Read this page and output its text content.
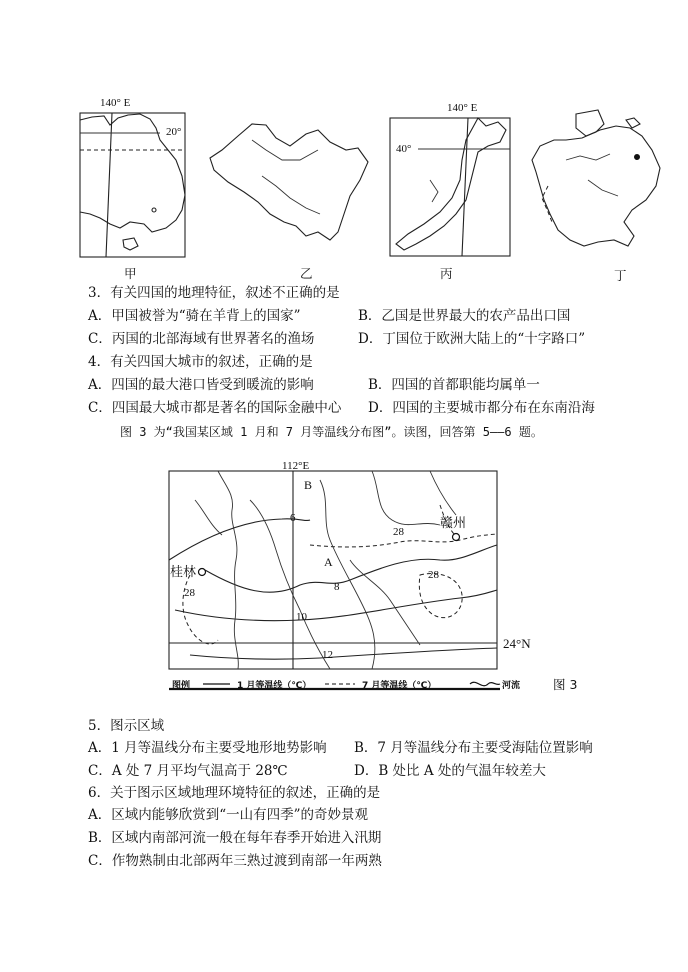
140° E
20°
甲	乙
140° E
40°
丙	丁
3．有关四国的地理特征，叙述不正确的是
A．甲国被誉为“骑在羊背上的国家”	B．乙国是世界最大的农产品出口国
C．丙国的北部海域有世界著名的渔场	D．丁国位于欧洲大陆上的“十字路口”
4．有关四国大城市的叙述，正确的是
A．四国的最大港口皆受到暖流的影响	B．四国的首都职能均属单一
C．四国最大城市都是著名的国际金融中心 D．四国的主要城市都分布在东南沿海
图 3 为“我国某区域 1 月和 7 月等温线分布图”。读图，回答第 5——6 题。
112°E
B
A
赣州
桂林
6
8
10
12
28
28
28
24°N
图例	1 月等温线（℃）	7 月等温线（℃）	河流	图 3
5．图示区域
A．1 月等温线分布主要受地形地势影响 B．7 月等温线分布主要受海陆位置影响
C．A 处 7 月平均气温高于 28℃	D．B 处比 A 处的气温年较差大
6．关于图示区域地理环境特征的叙述，正确的是
A．区域内能够欣赏到“一山有四季”的奇妙景观
B．区域内南部河流一般在每年春季开始进入汛期
C．作物熟制由北部两年三熟过渡到南部一年两熟
